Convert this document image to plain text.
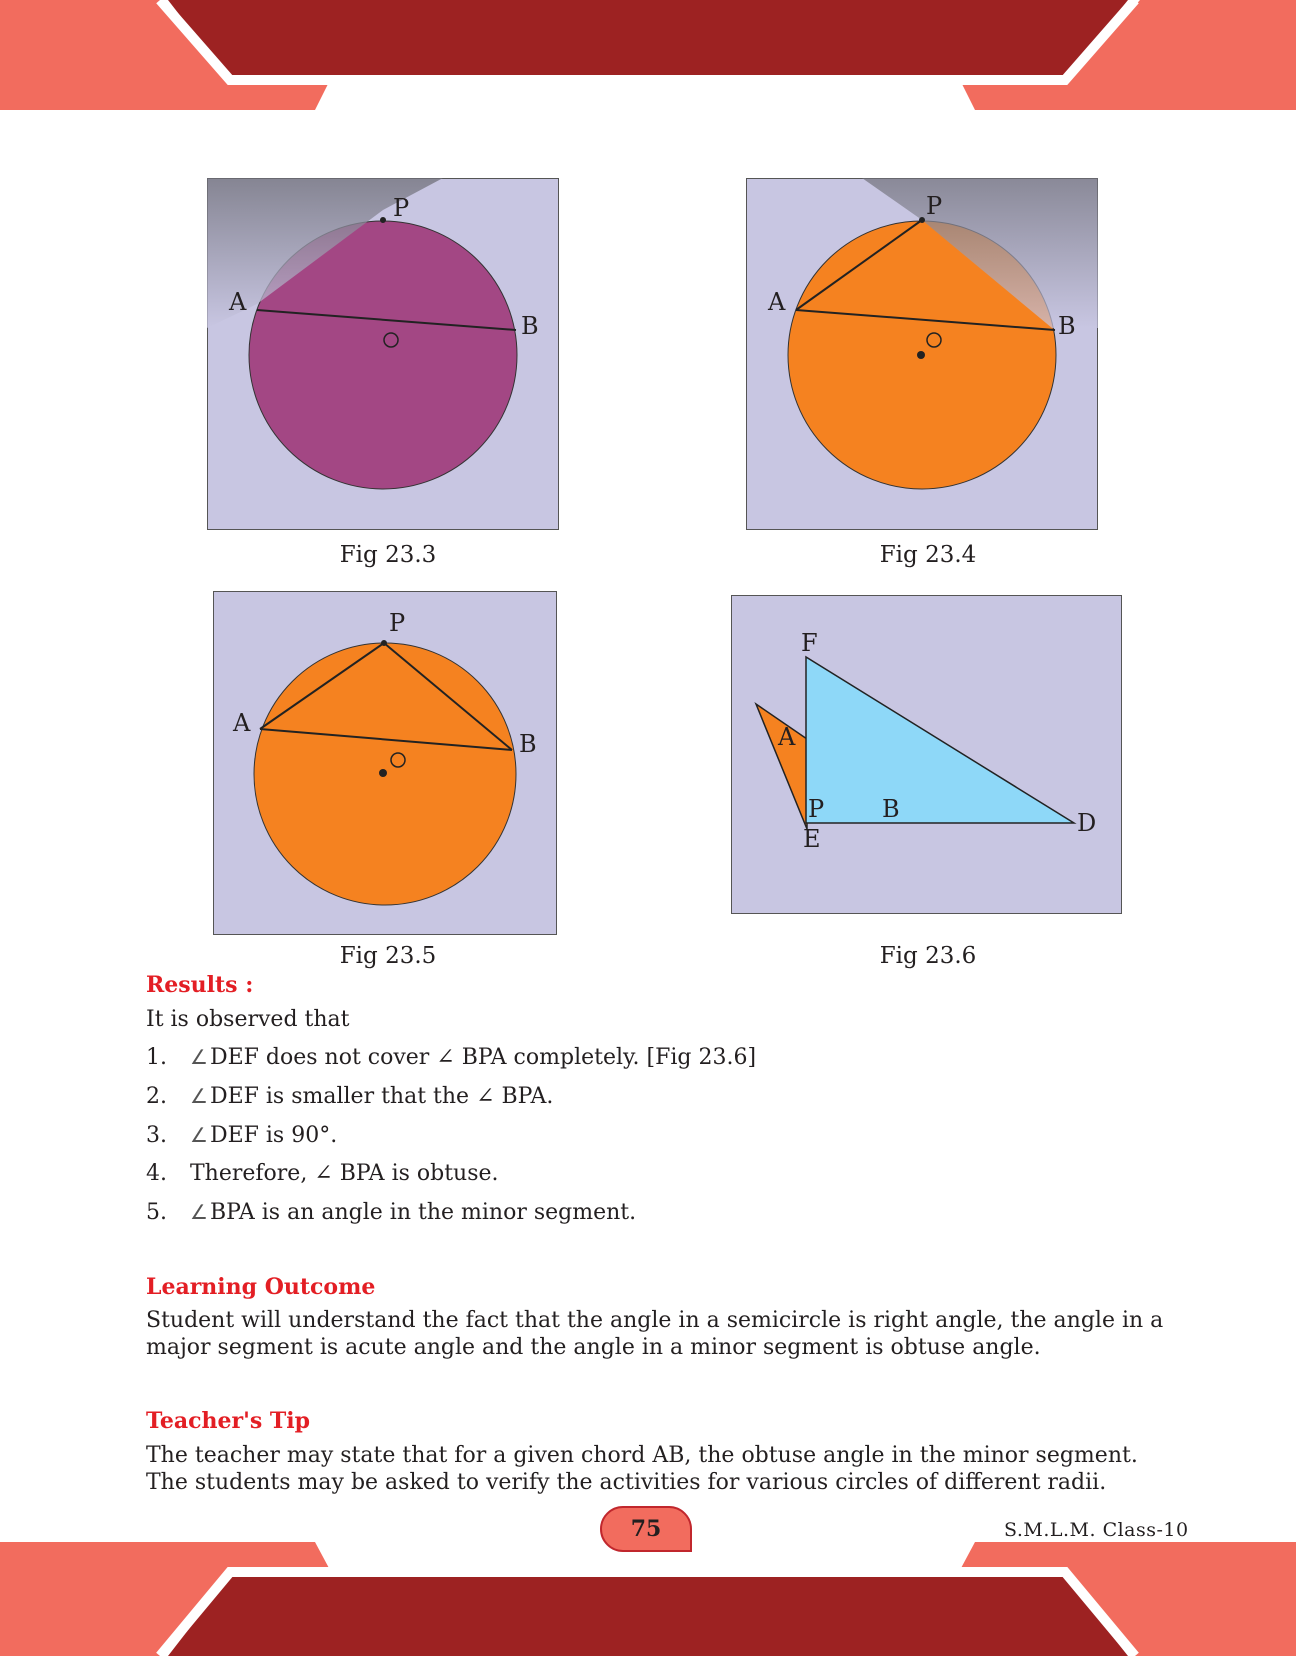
P
A
B
Fig 23.3
P
A
B
Fig 23.4
P
A
B
Fig 23.5
F
A
P B
E
D
Fig 23.6
Results :
It is observed that
1. ∠DEF does not cover ∠ BPA completely. [Fig 23.6]
2. ∠DEF is smaller that the ∠ BPA.
3. ∠DEF is 90°.
4. Therefore, ∠ BPA is obtuse.
5. ∠BPA is an angle in the minor segment.
Learning Outcome
Student will understand the fact that the angle in a semicircle is right angle, the angle in a major segment is acute angle and the angle in a minor segment is obtuse angle.
Teacher's Tip
The teacher may state that for a given chord AB, the obtuse angle in the minor segment. The students may be asked to verify the activities for various circles of different radii.
75	S.M.L.M. Class-10
